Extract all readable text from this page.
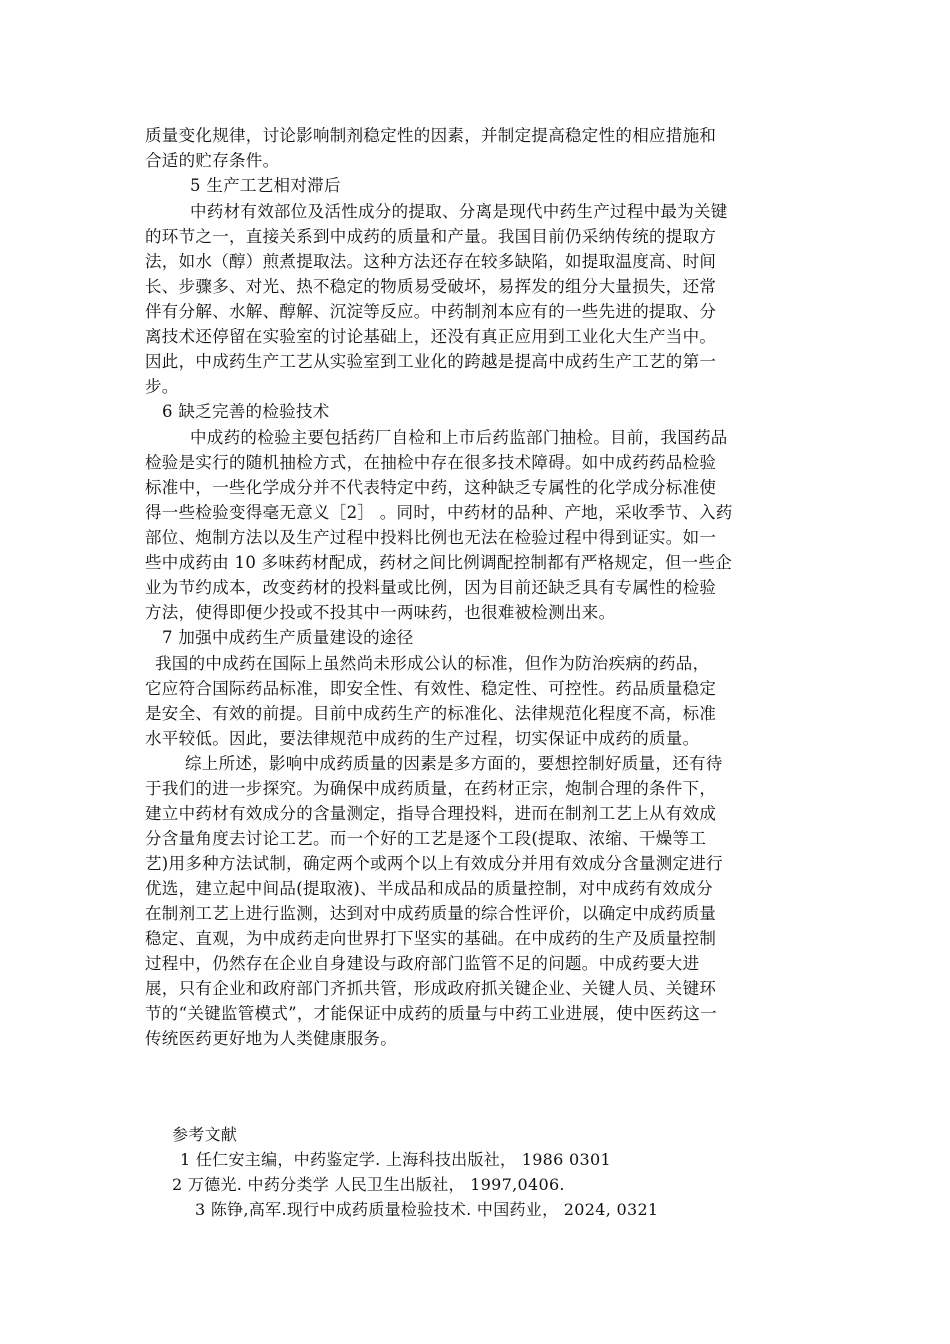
质量变化规律，讨论影响制剂稳定性的因素，并制定提高稳定性的相应措施和
合适的贮存条件。
5 生产工艺相对滞后
中药材有效部位及活性成分的提取、分离是现代中药生产过程中最为关键
的环节之一，直接关系到中成药的质量和产量。我国目前仍采纳传统的提取方
法，如水（醇）煎煮提取法。这种方法还存在较多缺陷，如提取温度高、时间
长、步骤多、对光、热不稳定的物质易受破坏，易挥发的组分大量损失，还常
伴有分解、水解、醇解、沉淀等反应。中药制剂本应有的一些先进的提取、分
离技术还停留在实验室的讨论基础上，还没有真正应用到工业化大生产当中。
因此，中成药生产工艺从实验室到工业化的跨越是提高中成药生产工艺的第一
步。
6 缺乏完善的检验技术
中成药的检验主要包括药厂自检和上市后药监部门抽检。目前，我国药品
检验是实行的随机抽检方式，在抽检中存在很多技术障碍。如中成药药品检验
标准中，一些化学成分并不代表特定中药，这种缺乏专属性的化学成分标准使
得一些检验变得毫无意义［2］ 。同时，中药材的品种、产地，采收季节、入药
部位、炮制方法以及生产过程中投料比例也无法在检验过程中得到证实。如一
些中成药由 10 多味药材配成，药材之间比例调配控制都有严格规定，但一些企
业为节约成本，改变药材的投料量或比例，因为目前还缺乏具有专属性的检验
方法，使得即便少投或不投其中一两味药，也很难被检测出来。
7 加强中成药生产质量建设的途径
我国的中成药在国际上虽然尚未形成公认的标准，但作为防治疾病的药品，
它应符合国际药品标准，即安全性、有效性、稳定性、可控性。药品质量稳定
是安全、有效的前提。目前中成药生产的标准化、法律规范化程度不高，标准
水平较低。因此，要法律规范中成药的生产过程，切实保证中成药的质量。
综上所述，影响中成药质量的因素是多方面的，要想控制好质量，还有待
于我们的进一步探究。为确保中成药质量，在药材正宗，炮制合理的条件下，
建立中药材有效成分的含量测定，指导合理投料，进而在制剂工艺上从有效成
分含量角度去讨论工艺。而一个好的工艺是逐个工段(提取、浓缩、干燥等工
艺)用多种方法试制，确定两个或两个以上有效成分并用有效成分含量测定进行
优选，建立起中间品(提取液)、半成品和成品的质量控制，对中成药有效成分
在制剂工艺上进行监测，达到对中成药质量的综合性评价，以确定中成药质量
稳定、直观，为中成药走向世界打下坚实的基础。在中成药的生产及质量控制
过程中，仍然存在企业自身建设与政府部门监管不足的问题。中成药要大进
展，只有企业和政府部门齐抓共管，形成政府抓关键企业、关键人员、关键环
节的“关键监管模式”，才能保证中成药的质量与中药工业进展，使中医药这一
传统医药更好地为人类健康服务。
参考文献
1 任仁安主编，中药鉴定学. 上海科技出版社， 1986 0301
2 万德光. 中药分类学 人民卫生出版社， 1997,0406.
3 陈铮,高军.现行中成药质量检验技术. 中国药业， 2024, 0321
